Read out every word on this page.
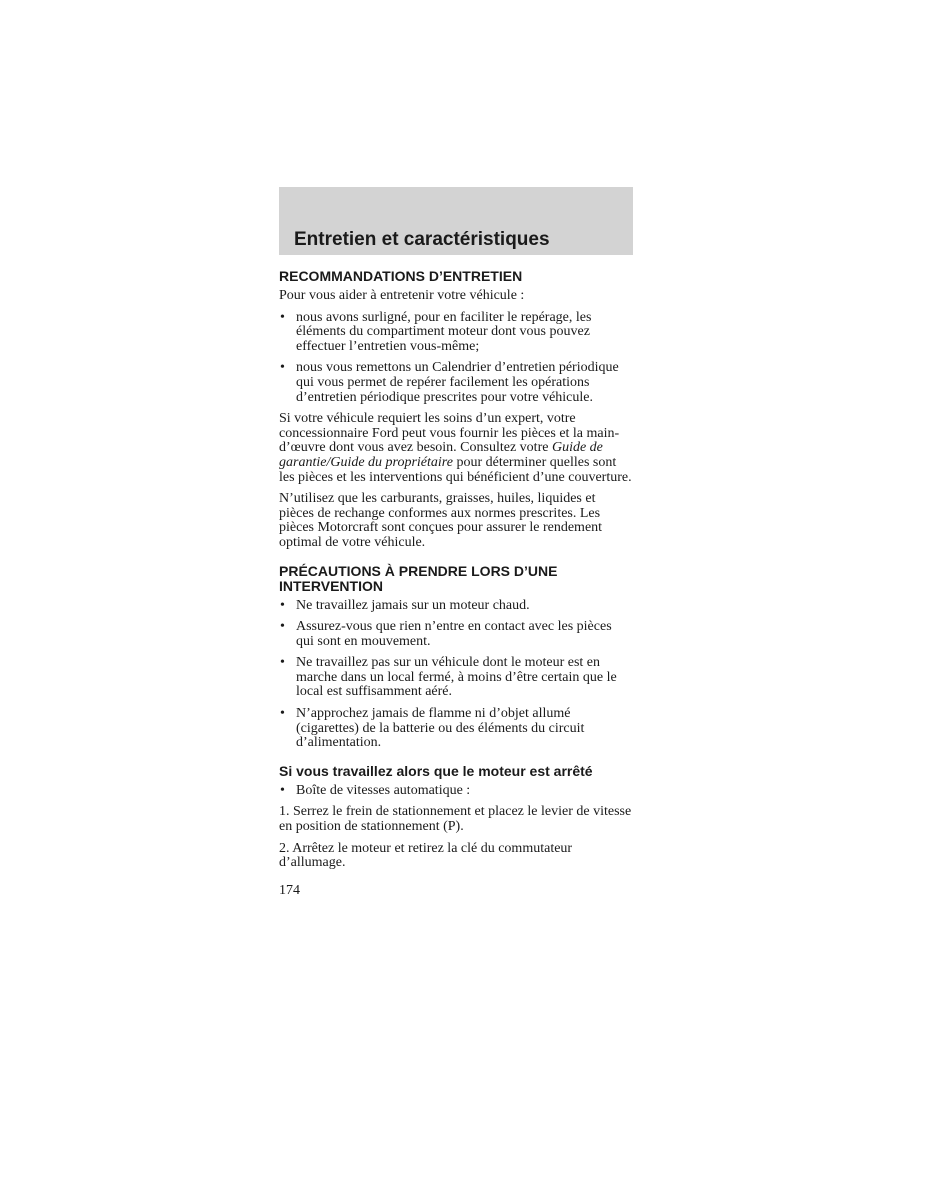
Entretien et caractéristiques
RECOMMANDATIONS D’ENTRETIEN

Pour vous aider à entretenir votre véhicule :

• nous avons surligné, pour en faciliter le repérage, les éléments du compartiment moteur dont vous pouvez effectuer l’entretien vous-même;
• nous vous remettons un Calendrier d’entretien périodique qui vous permet de repérer facilement les opérations d’entretien périodique prescrites pour votre véhicule.

Si votre véhicule requiert les soins d’un expert, votre concessionnaire Ford peut vous fournir les pièces et la main-d’œuvre dont vous avez besoin. Consultez votre Guide de garantie/Guide du propriétaire pour déterminer quelles sont les pièces et les interventions qui bénéficient d’une couverture.

N’utilisez que les carburants, graisses, huiles, liquides et pièces de rechange conformes aux normes prescrites. Les pièces Motorcraft sont conçues pour assurer le rendement optimal de votre véhicule.

PRÉCAUTIONS À PRENDRE LORS D’UNE INTERVENTION
• Ne travaillez jamais sur un moteur chaud.
• Assurez-vous que rien n’entre en contact avec les pièces qui sont en mouvement.
• Ne travaillez pas sur un véhicule dont le moteur est en marche dans un local fermé, à moins d’être certain que le local est suffisamment aéré.
• N’approchez jamais de flamme ni d’objet allumé (cigarettes) de la batterie ou des éléments du circuit d’alimentation.
Si vous travaillez alors que le moteur est arrêté
• Boîte de vitesses automatique :

1. Serrez le frein de stationnement et placez le levier de vitesse en position de stationnement (P).

2. Arrêtez le moteur et retirez la clé du commutateur d’allumage.

174
